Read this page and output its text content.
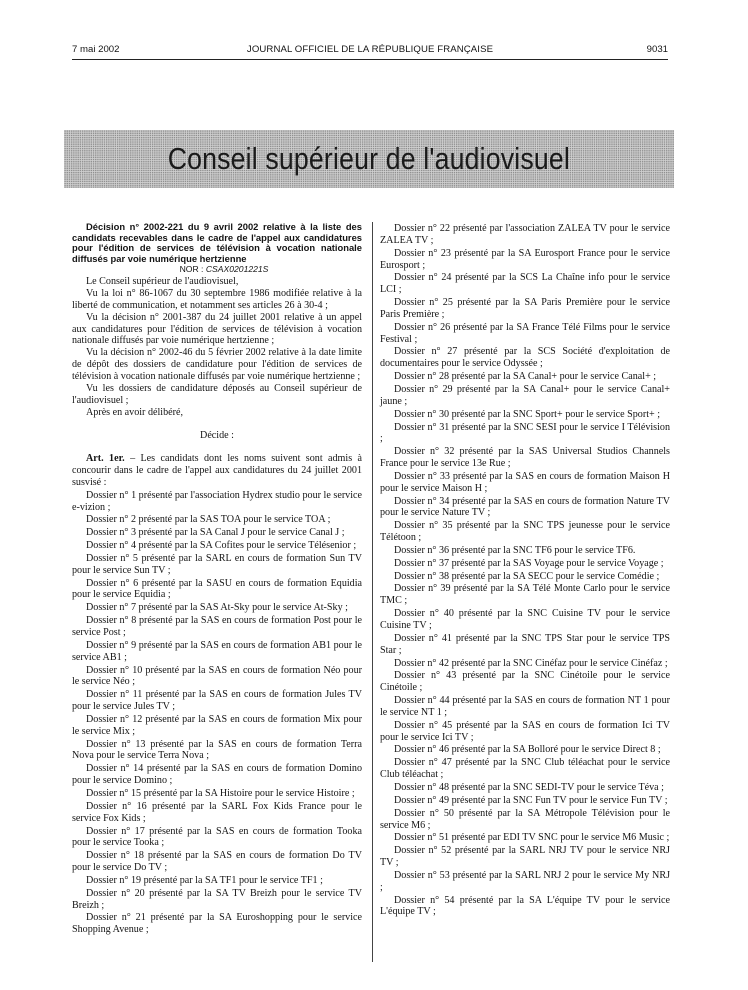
7 mai 2002	JOURNAL OFFICIEL DE LA RÉPUBLIQUE FRANÇAISE	9031
Conseil supérieur de l'audiovisuel

Décision n° 2002-221 du 9 avril 2002 relative à la liste des candidats recevables dans le cadre de l'appel aux candidatures pour l'édition de services de télévision à vocation nationale diffusés par voie numérique hertzienne

NOR : CSAX0201221S

Le Conseil supérieur de l'audiovisuel,

Vu la loi n° 86-1067 du 30 septembre 1986 modifiée relative à la liberté de communication, et notamment ses articles 26 à 30-4 ;

Vu la décision n° 2001-387 du 24 juillet 2001 relative à un appel aux candidatures pour l'édition de services de télévision à vocation nationale diffusés par voie numérique hertzienne ;

Vu la décision n° 2002-46 du 5 février 2002 relative à la date limite de dépôt des dossiers de candidature pour l'édition de services de télévision à vocation nationale diffusés par voie numérique hertzienne ;

Vu les dossiers de candidature déposés au Conseil supérieur de l'audiovisuel ;

Après en avoir délibéré,

Décide :

Art. 1er. – Les candidats dont les noms suivent sont admis à concourir dans le cadre de l'appel aux candidatures du 24 juillet 2001 susvisé :

Dossier n° 1 présenté par l'association Hydrex studio pour le service e-vizion ;

Dossier n° 2 présenté par la SAS TOA pour le service TOA ;

Dossier n° 3 présenté par la SA Canal J pour le service Canal J ;

Dossier n° 4 présenté par la SA Cofites pour le service Télésenior ;

Dossier n° 5 présenté par la SARL en cours de formation Sun TV pour le service Sun TV ;

Dossier n° 6 présenté par la SASU en cours de formation Equidia pour le service Equidia ;

Dossier n° 7 présenté par la SAS At-Sky pour le service At-Sky ;

Dossier n° 8 présenté par la SAS en cours de formation Post pour le service Post ;

Dossier n° 9 présenté par la SAS en cours de formation AB1 pour le service AB1 ;

Dossier n° 10 présenté par la SAS en cours de formation Néo pour le service Néo ;

Dossier n° 11 présenté par la SAS en cours de formation Jules TV pour le service Jules TV ;

Dossier n° 12 présenté par la SAS en cours de formation Mix pour le service Mix ;

Dossier n° 13 présenté par la SAS en cours de formation Terra Nova pour le service Terra Nova ;

Dossier n° 14 présenté par la SAS en cours de formation Domino pour le service Domino ;

Dossier n° 15 présenté par la SA Histoire pour le service Histoire ;

Dossier n° 16 présenté par la SARL Fox Kids France pour le service Fox Kids ;

Dossier n° 17 présenté par la SAS en cours de formation Tooka pour le service Tooka ;

Dossier n° 18 présenté par la SAS en cours de formation Do TV pour le service Do TV ;

Dossier n° 19 présenté par la SA TF1 pour le service TF1 ;

Dossier n° 20 présenté par la SA TV Breizh pour le service TV Breizh ;

Dossier n° 21 présenté par la SA Euroshopping pour le service Shopping Avenue ;

Dossier n° 22 présenté par l'association ZALEA TV pour le service ZALEA TV ;

Dossier n° 23 présenté par la SA Eurosport France pour le service Eurosport ;

Dossier n° 24 présenté par la SCS La Chaîne info pour le service LCI ;

Dossier n° 25 présenté par la SA Paris Première pour le service Paris Première ;

Dossier n° 26 présenté par la SA France Télé Films pour le service Festival ;

Dossier n° 27 présenté par la SCS Société d'exploitation de documentaires pour le service Odyssée ;

Dossier n° 28 présenté par la SA Canal+ pour le service Canal+ ;

Dossier n° 29 présenté par la SA Canal+ pour le service Canal+ jaune ;

Dossier n° 30 présenté par la SNC Sport+ pour le service Sport+ ;

Dossier n° 31 présenté par la SNC SESI pour le service I Télévision ;

Dossier n° 32 présenté par la SAS Universal Studios Channels France pour le service 13e Rue ;

Dossier n° 33 présenté par la SAS en cours de formation Maison H pour le service Maison H ;

Dossier n° 34 présenté par la SAS en cours de formation Nature TV pour le service Nature TV ;

Dossier n° 35 présenté par la SNC TPS jeunesse pour le service Télétoon ;

Dossier n° 36 présenté par la SNC TF6 pour le service TF6.

Dossier n° 37 présenté par la SAS Voyage pour le service Voyage ;

Dossier n° 38 présenté par la SA SECC pour le service Comédie ;

Dossier n° 39 présenté par la SA Télé Monte Carlo pour le service TMC ;

Dossier n° 40 présenté par la SNC Cuisine TV pour le service Cuisine TV ;

Dossier n° 41 présenté par la SNC TPS Star pour le service TPS Star ;

Dossier n° 42 présenté par la SNC Cinéfaz pour le service Cinéfaz ;

Dossier n° 43 présenté par la SNC Cinétoile pour le service Cinétoile ;

Dossier n° 44 présenté par la SAS en cours de formation NT 1 pour le service NT 1 ;

Dossier n° 45 présenté par la SAS en cours de formation Ici TV pour le service Ici TV ;

Dossier n° 46 présenté par la SA Bolloré pour le service Direct 8 ;

Dossier n° 47 présenté par la SNC Club téléachat pour le service Club téléachat ;

Dossier n° 48 présenté par la SNC SEDI-TV pour le service Téva ;

Dossier n° 49 présenté par la SNC Fun TV pour le service Fun TV ;

Dossier n° 50 présenté par la SA Métropole Télévision pour le service M6 ;

Dossier n° 51 présenté par EDI TV SNC pour le service M6 Music ;

Dossier n° 52 présenté par la SARL NRJ TV pour le service NRJ TV ;

Dossier n° 53 présenté par la SARL NRJ 2 pour le service My NRJ ;

Dossier n° 54 présenté par la SA L'équipe TV pour le service L'équipe TV ;
